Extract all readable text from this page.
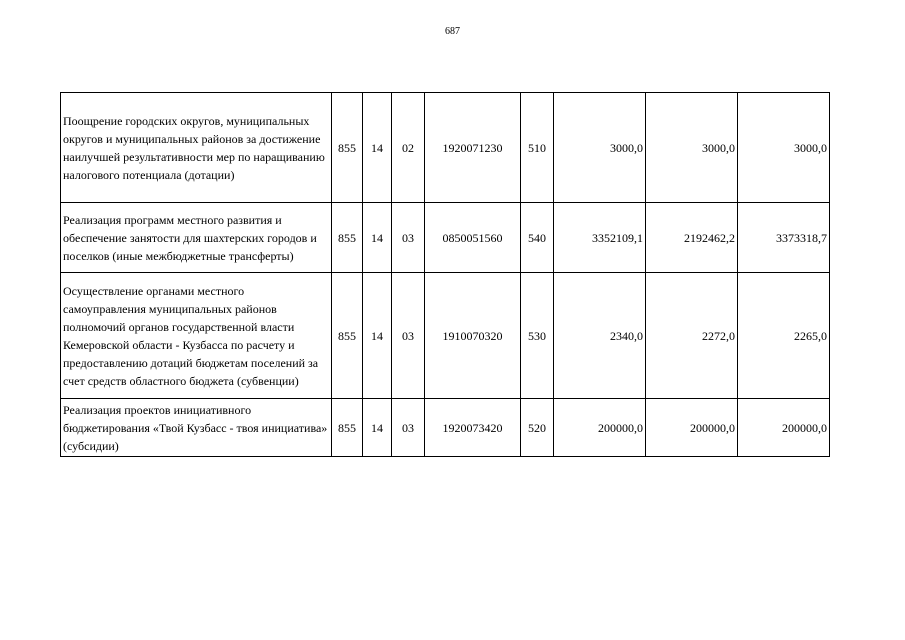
687
Поощрение городских округов, муниципальных округов и муниципальных районов за достижение наилучшей результативности мер по наращиванию налогового потенциала (дотации)	855	14	02	1920071230	510	3000,0	3000,0	3000,0
Реализация программ местного развития и обеспечение занятости для шахтерских городов и поселков (иные межбюджетные трансферты)	855	14	03	0850051560	540	3352109,1	2192462,2	3373318,7
Осуществление органами местного самоуправления муниципальных районов полномочий органов государственной власти Кемеровской области - Кузбасса по расчету и предоставлению дотаций бюджетам поселений за счет средств областного бюджета (субвенции)	855	14	03	1910070320	530	2340,0	2272,0	2265,0
Реализация проектов инициативного бюджетирования «Твой Кузбасс - твоя инициатива» (субсидии)	855	14	03	1920073420	520	200000,0	200000,0	200000,0
